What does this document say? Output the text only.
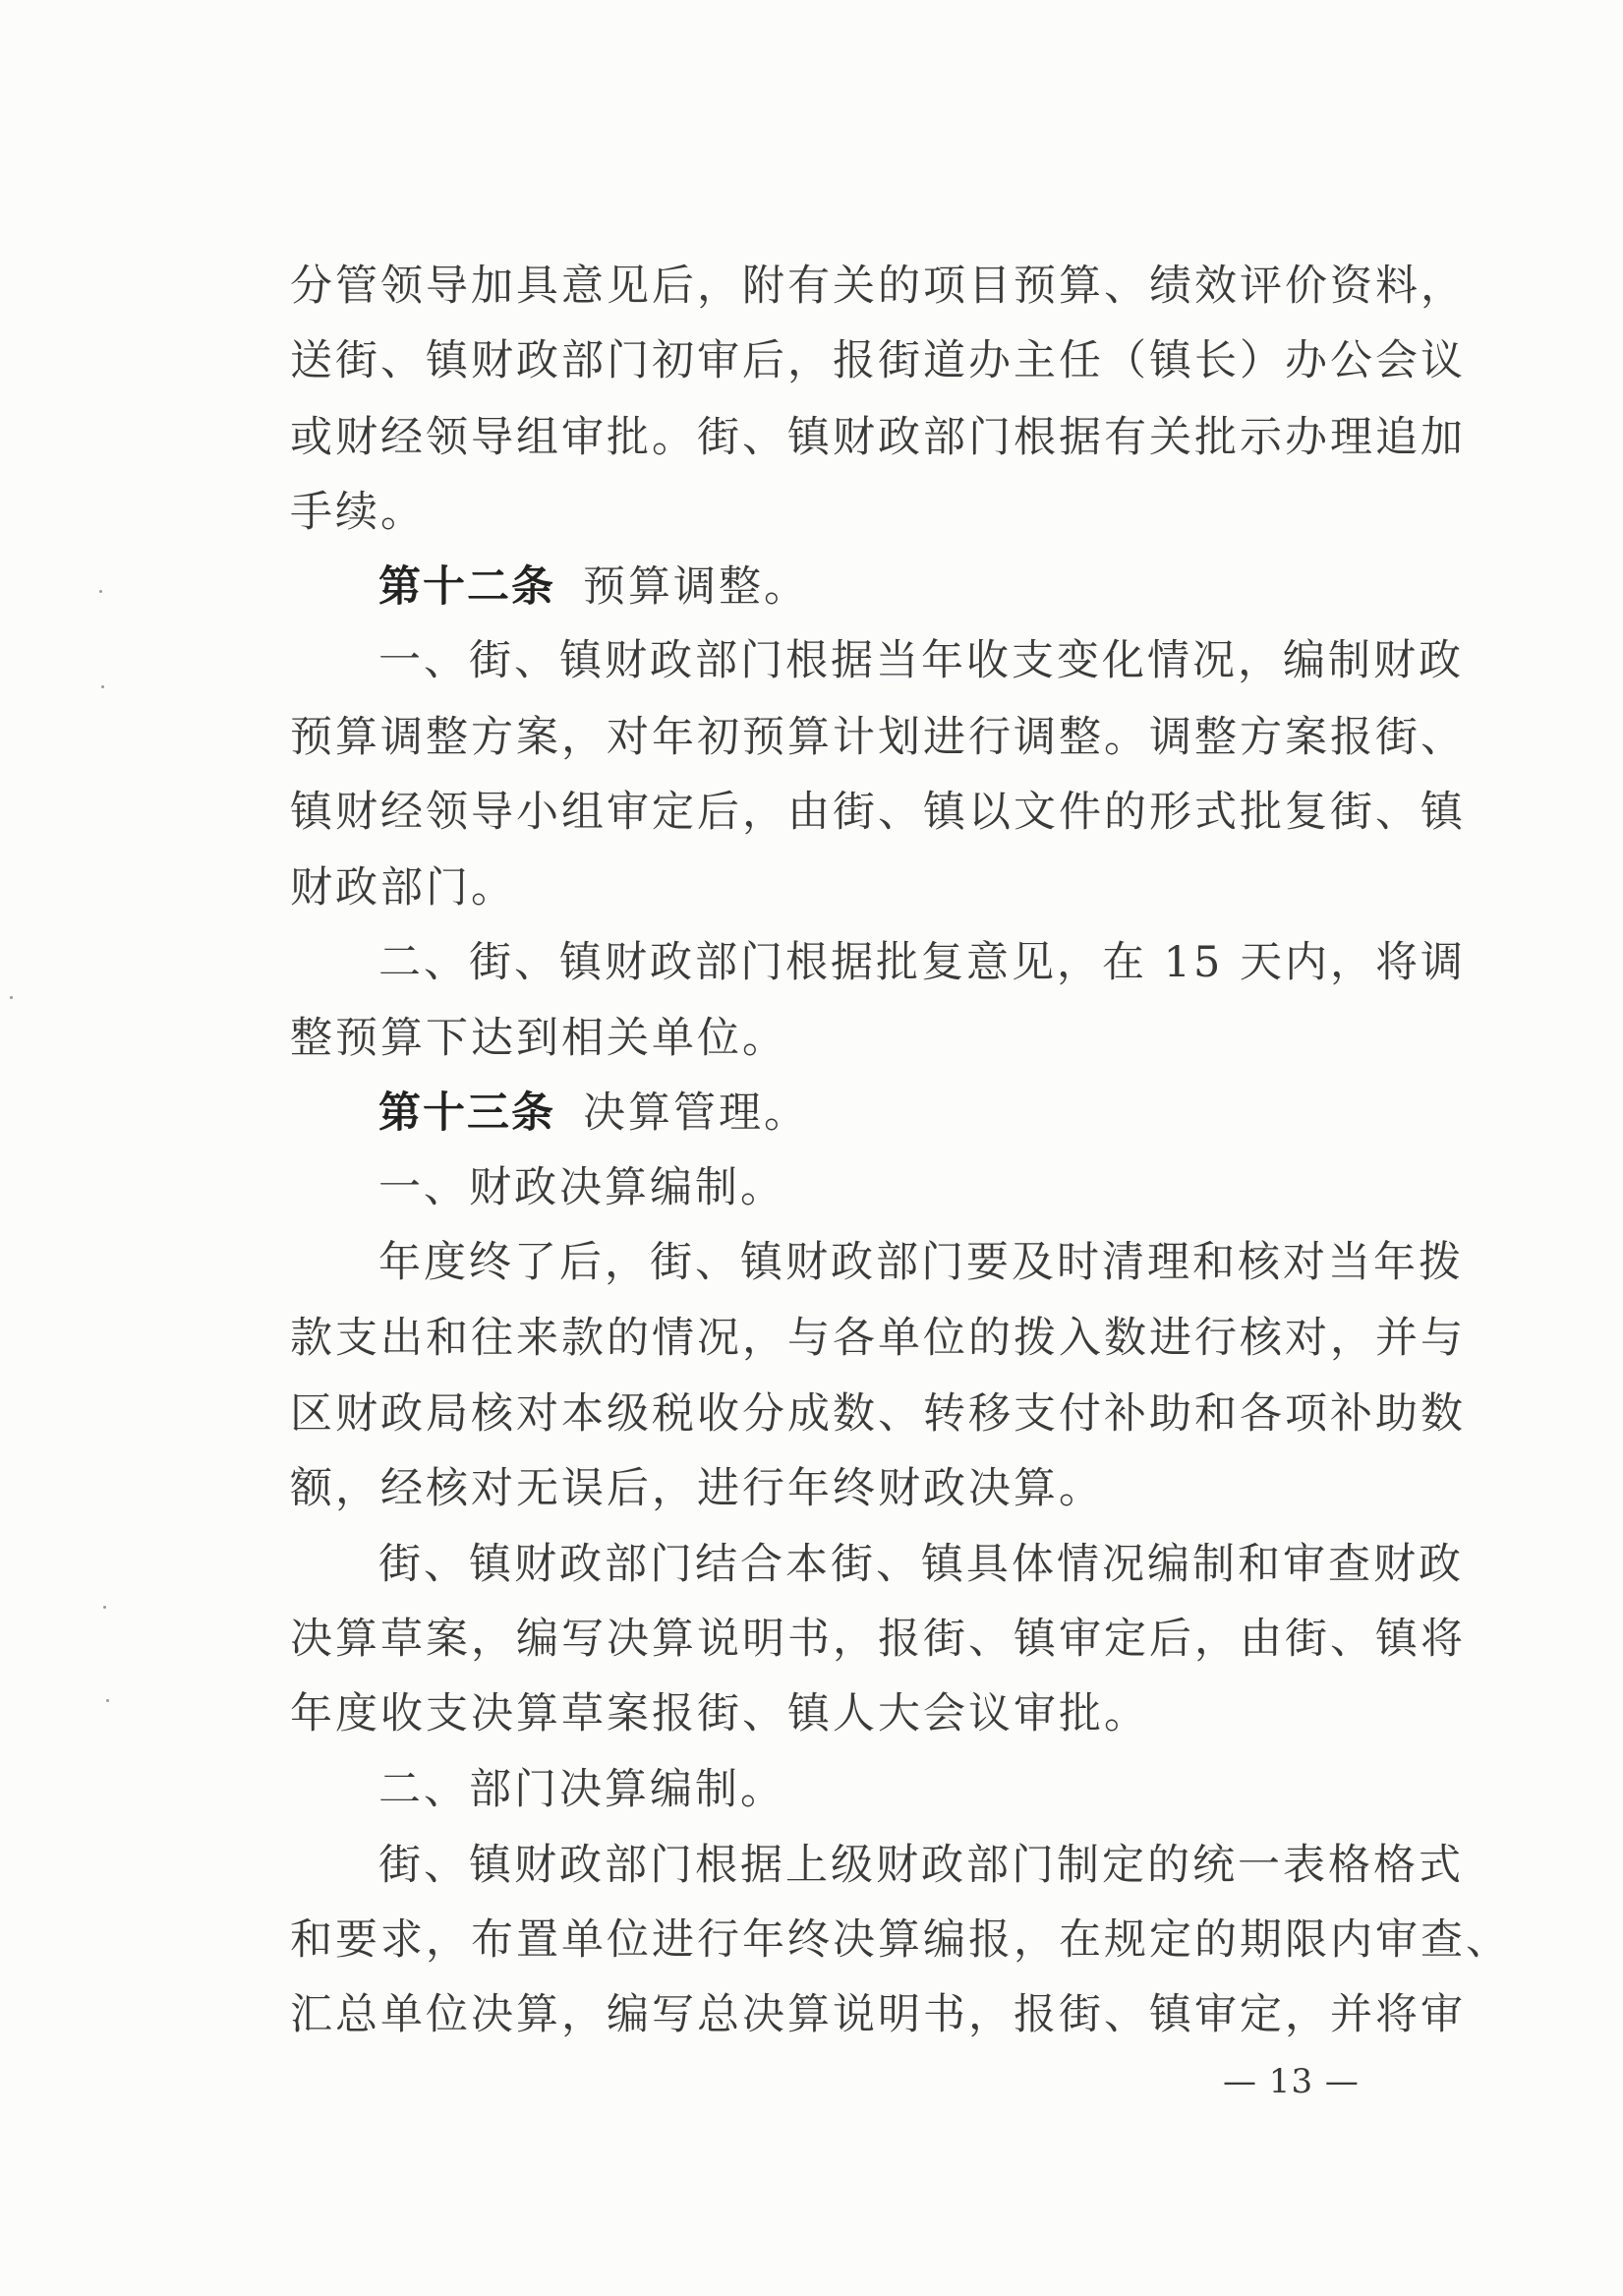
分管领导加具意见后，附有关的项目预算、绩效评价资料，
送街、镇财政部门初审后，报街道办主任（镇长）办公会议
或财经领导组审批。街、镇财政部门根据有关批示办理追加
手续。
第十二条 预算调整。
一、街、镇财政部门根据当年收支变化情况，编制财政
预算调整方案，对年初预算计划进行调整。调整方案报街、
镇财经领导小组审定后，由街、镇以文件的形式批复街、镇
财政部门。
二、街、镇财政部门根据批复意见，在 15 天内，将调
整预算下达到相关单位。
第十三条 决算管理。
一、财政决算编制。
年度终了后，街、镇财政部门要及时清理和核对当年拨
款支出和往来款的情况，与各单位的拨入数进行核对，并与
区财政局核对本级税收分成数、转移支付补助和各项补助数
额，经核对无误后，进行年终财政决算。
街、镇财政部门结合本街、镇具体情况编制和审查财政
决算草案，编写决算说明书，报街、镇审定后，由街、镇将
年度收支决算草案报街、镇人大会议审批。
二、部门决算编制。
街、镇财政部门根据上级财政部门制定的统一表格格式
和要求，布置单位进行年终决算编报，在规定的期限内审查、
汇总单位决算，编写总决算说明书，报街、镇审定，并将审
— 13 —
